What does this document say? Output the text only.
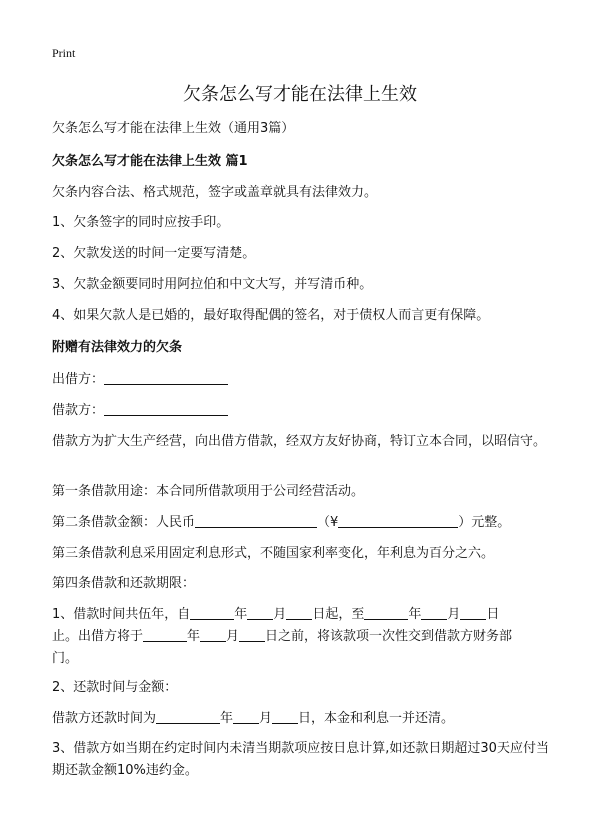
Print
欠条怎么写才能在法律上生效
欠条怎么写才能在法律上生效（通用3篇）
欠条怎么写才能在法律上生效 篇1
欠条内容合法、格式规范，签字或盖章就具有法律效力。
1、欠条签字的同时应按手印。
2、欠款发送的时间一定要写清楚。
3、欠款金额要同时用阿拉伯和中文大写，并写清币种。
4、如果欠款人是已婚的，最好取得配偶的签名，对于债权人而言更有保障。
附赠有法律效力的欠条
出借方：
借款方：
借款方为扩大生产经营，向出借方借款，经双方友好协商，特订立本合同，以昭信守。
第一条借款用途：本合同所借款项用于公司经营活动。
第二条借款金额：人民币	（¥	）元整。
第三条借款利息采用固定利息形式，不随国家利率变化，年利息为百分之六。
第四条借款和还款期限：
1、借款时间共伍年，自	年 月 日起，至	年 月 日
止。出借方将于	年 月 日之前，将该款项一次性交到借款方财务部
门。
2、还款时间与金额：
借款方还款时间为	年 月 日，本金和利息一并还清。
3、借款方如当期在约定时间内未清当期款项应按日息计算,如还款日期超过30天应付当期还款金额10%违约金。
